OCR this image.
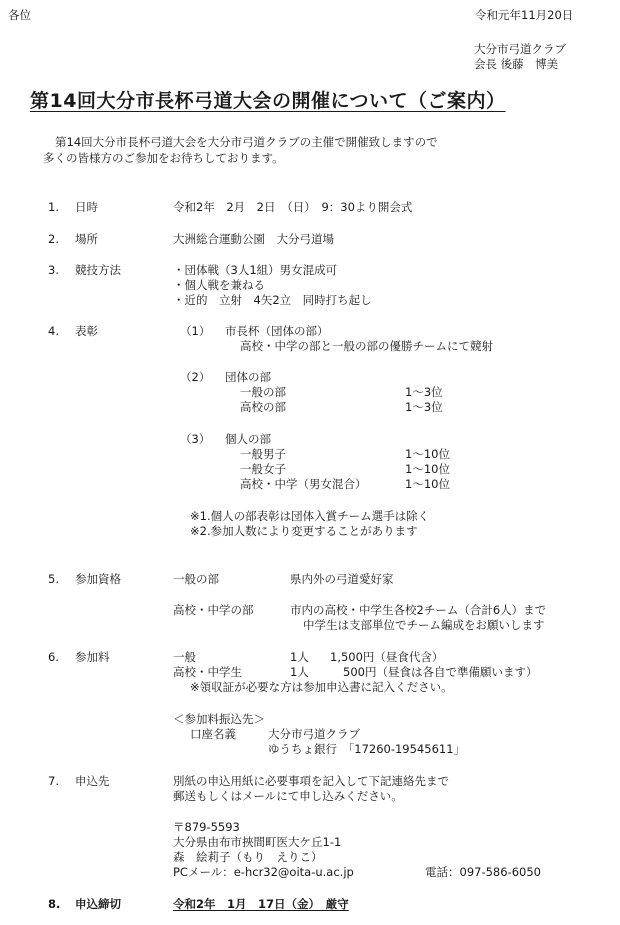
各位	令和元年11月20日
大分市弓道クラブ
会長 後藤　博美
第14回大分市長杯弓道大会の開催について（ご案内）
第14回大分市長杯弓道大会を大分市弓道クラブの主催で開催致しますので
多くの皆様方のご参加をお待ちしております。
1. 日時	令和2年　2月　2日　（日）　9：30より開会式
2. 場所	大洲総合運動公園　大分弓道場
3. 競技方法	・団体戦（3人1組）男女混成可
・個人戦を兼ねる
・近的　立射　4矢2立　同時打ち起し
4. 表彰	（1） 市長杯（団体の部）
高校・中学の部と一般の部の優勝チームにて競射
（2） 団体の部
一般の部	1～3位
高校の部	1～3位
（3） 個人の部
一般男子	1～10位
一般女子	1～10位
高校・中学（男女混合）	1～10位
※1.個人の部表彰は団体入賞チーム選手は除く
※2.参加人数により変更することがあります
5. 参加資格	一般の部	県内外の弓道愛好家
高校・中学の部	市内の高校・中学生各校2チーム（合計6人）まで
中学生は支部単位でチーム編成をお願いします
6. 参加料	一般	1人 1,500円（昼食代含）
高校・中学生	1人	500円（昼食は各自で準備願います）
※領収証が必要な方は参加申込書に記入ください。
＜参加料振込先＞
口座名義	大分市弓道クラブ
ゆうちょ銀行　「17260-19545611」
7. 申込先	別紙の申込用紙に必要事項を記入して下記連絡先まで
郵送もしくはメールにて申し込みください。
〒879-5593
大分県由布市挾間町医大ケ丘1-1
森　絵莉子（もり　えりこ）
PCメール：e-hcr32@oita-u.ac.jp	電話：097-586-6050
8. 申込締切	令和2年　1月　17日（金）　厳守
